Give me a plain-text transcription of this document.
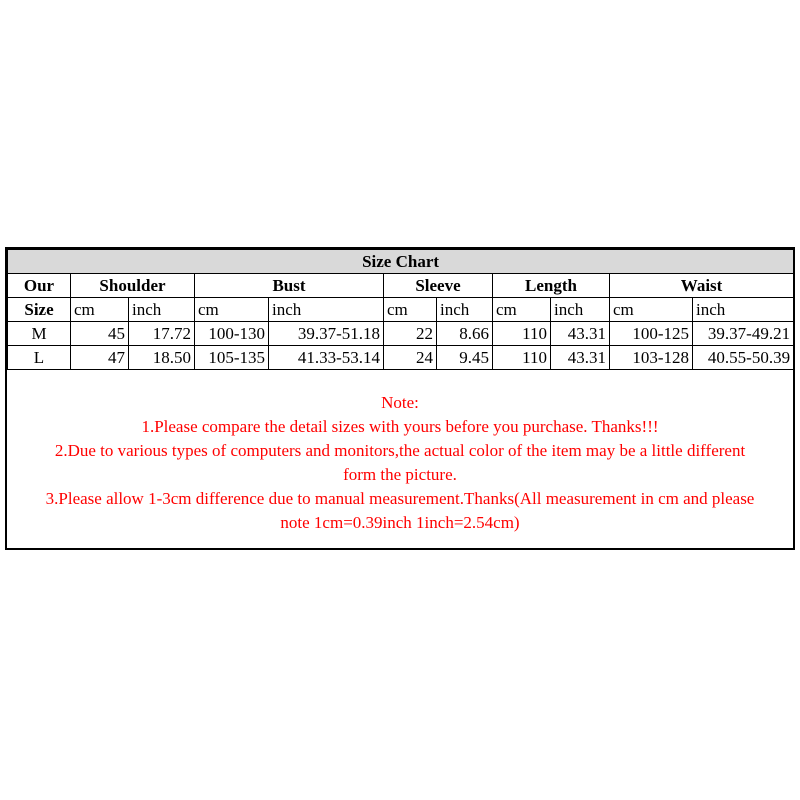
Size Chart										
Our	Shoulder		Bust		Sleeve		Length		Waist	
Size	cm	inch	cm	inch	cm	inch	cm	inch	cm	inch
M	45	17.72	100-130	39.37-51.18	22	8.66	110	43.31	100-125	39.37-49.21
L	47	18.50	105-135	41.33-53.14	24	9.45	110	43.31	103-128	40.55-50.39
Note:
1.Please compare the detail sizes with yours before you purchase. Thanks!!!
2.Due to various types of computers and monitors,the actual color of the item may be a little different
form the picture.
3.Please allow 1-3cm difference due to manual measurement.Thanks(All measurement in cm and please
note 1cm=0.39inch 1inch=2.54cm)
